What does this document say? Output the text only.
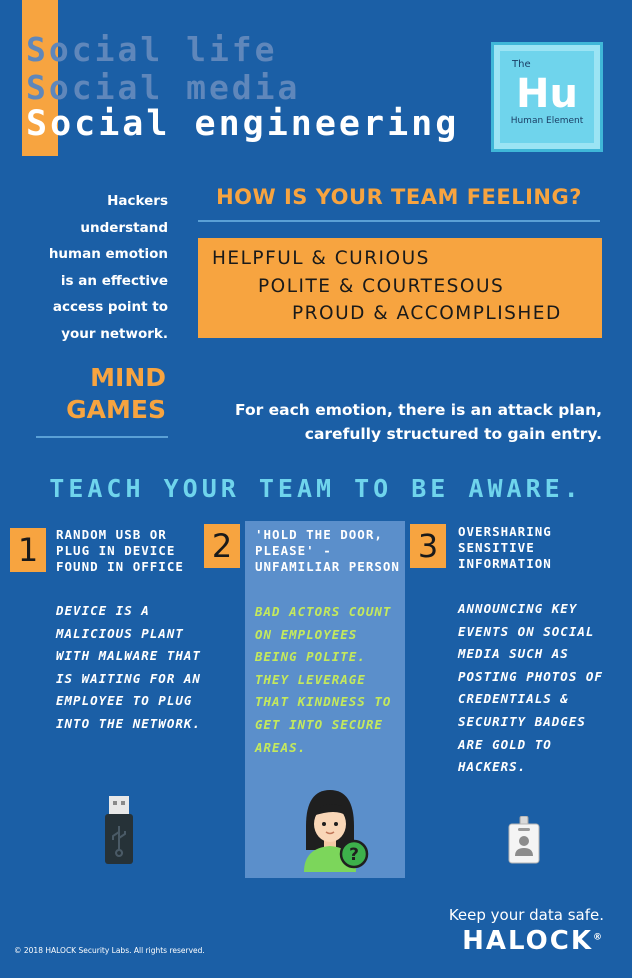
Social life
Social media
Social engineering
The
Hu
Human Element
Hackers understand human emotion is an effective access point to your network.
MIND GAMES
HOW IS YOUR TEAM FEELING?
HELPFUL & CURIOUS
POLITE & COURTESOUS
PROUD & ACCOMPLISHED
For each emotion, there is an attack plan, carefully structured to gain entry.
TEACH YOUR TEAM TO BE AWARE.
1	RANDOM USB OR PLUG IN DEVICE FOUND IN OFFICE
DEVICE IS A MALICIOUS PLANT WITH MALWARE THAT IS WAITING FOR AN EMPLOYEE TO PLUG INTO THE NETWORK.
2	'HOLD THE DOOR, PLEASE' - UNFAMILIAR PERSON
BAD ACTORS COUNT ON EMPLOYEES BEING POLITE. THEY LEVERAGE THAT KINDNESS TO GET INTO SECURE AREAS.
?
3	OVERSHARING SENSITIVE INFORMATION
ANNOUNCING KEY EVENTS ON SOCIAL MEDIA SUCH AS POSTING PHOTOS OF CREDENTIALS & SECURITY BADGES ARE GOLD TO HACKERS.
© 2018 HALOCK Security Labs. All rights reserved.
Keep your data safe.
HALOCK®
